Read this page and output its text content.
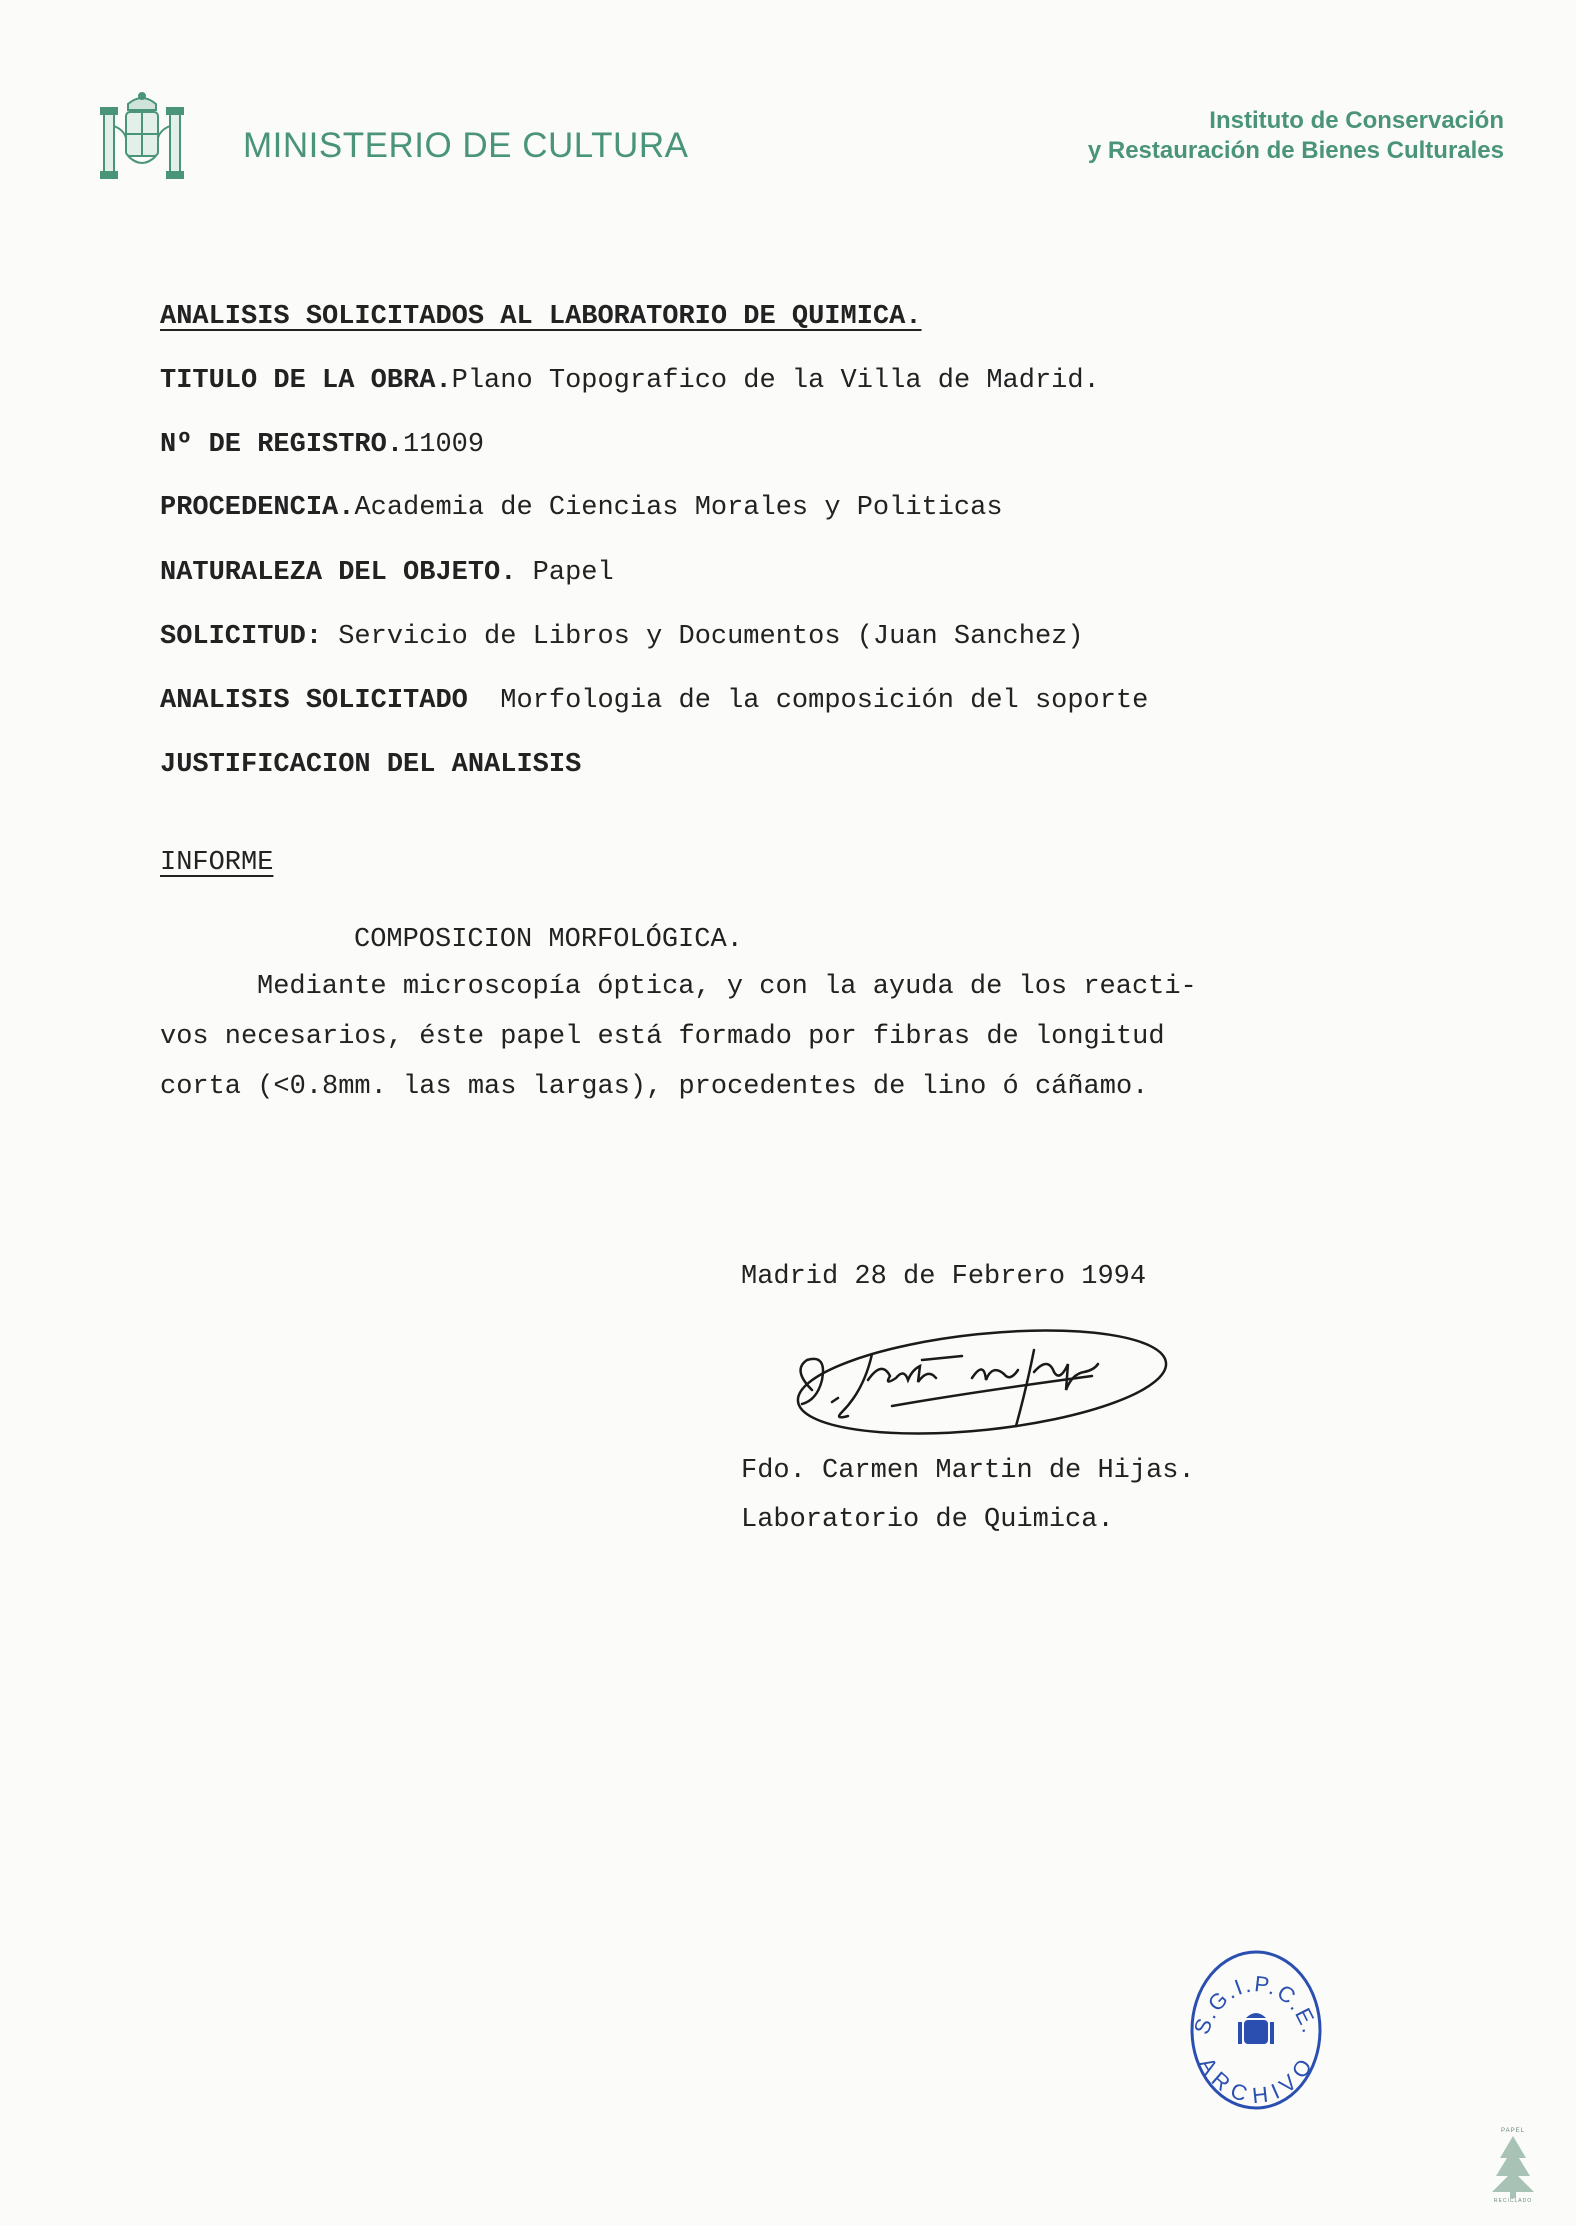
MINISTERIO DE CULTURA
Instituto de Conservación
y Restauración de Bienes Culturales
ANALISIS SOLICITADOS AL LABORATORIO DE QUIMICA.
TITULO DE LA OBRA.Plano Topografico de la Villa de Madrid.
Nº DE REGISTRO.11009
PROCEDENCIA.Academia de Ciencias Morales y Politicas
NATURALEZA DEL OBJETO. Papel
SOLICITUD: Servicio de Libros y Documentos (Juan Sanchez)
ANALISIS SOLICITADO  Morfologia de la composición del soporte
JUSTIFICACION DEL ANALISIS
INFORME
COMPOSICION MORFOLÓGICA.
Mediante microscopía óptica, y con la ayuda de los reacti-
vos necesarios, éste papel está formado por fibras de longitud
corta (<0.8mm. las mas largas), procedentes de lino ó cáñamo.
Madrid 28 de Febrero 1994
Fdo. Carmen Martin de Hijas.
Laboratorio de Quimica.
S.G.I.P.C.E.
ARCHIVO
PAPEL
RECICLADO
